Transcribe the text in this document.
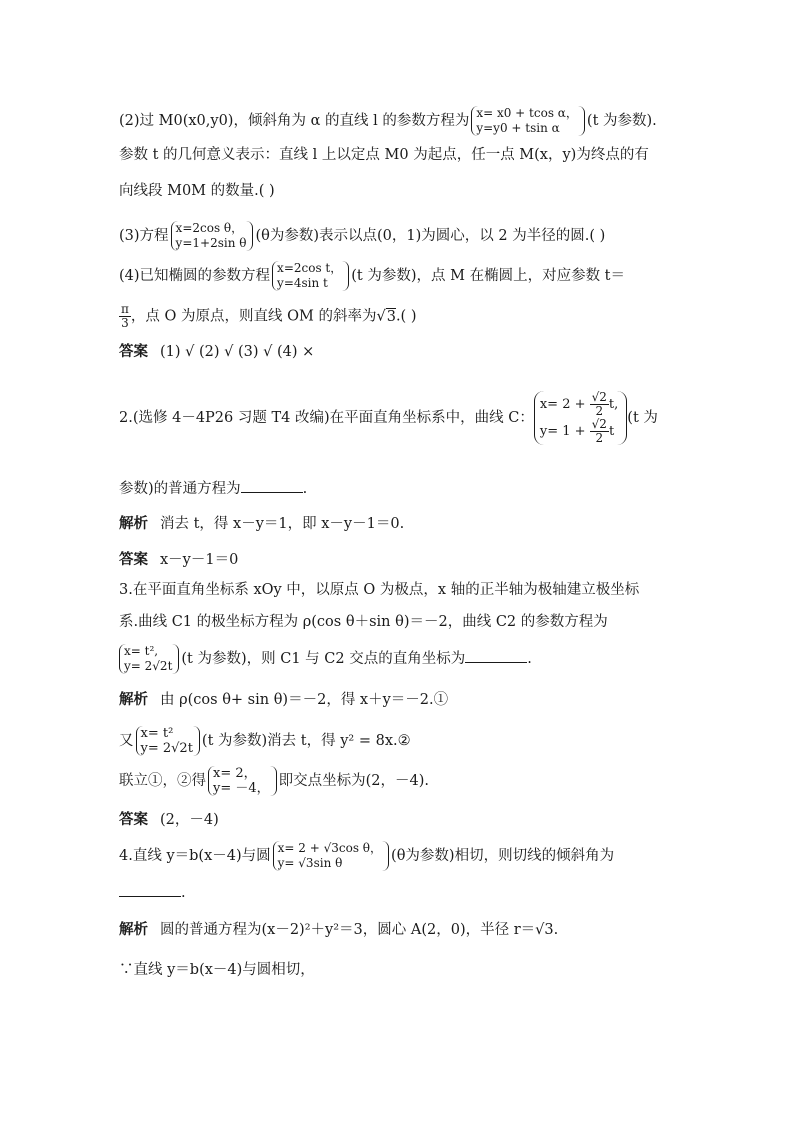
(2)过 M0(x0,y0)，倾斜角为 α 的直线 l 的参数方程为 x= x0 + tcos α，
y=y0 + tsin α	(t 为参数).
参数 t 的几何意义表示：直线 l 上以定点 M0 为起点，任一点 M(x，y)为终点的有
向线段 M0M 的数量.( )
(3)方程 x=2cos θ，
y=1+2sin θ (θ为参数)表示以点(0，1)为圆心，以 2 为半径的圆.( )
(4)已知椭圆的参数方程 x=2cos t，
y=4sin t	(t 为参数)，点 M 在椭圆上，对应参数 t＝
$\frac{\pi}{3}$ ，点 O 为原点，则直线 OM 的斜率为√3.( )
答案 (1) √ (2) √ (3) √ (4) ×
2.(选修 4－4P26 习题 T4 改编)在平面直角坐标系中，曲线 C：
$x= 2 + \frac{√2}{2} t$,
$y= 1 + \frac{√2}{2}$ t
(t 为
参数)的普通方程为	.
解析 消去 t，得 x－y＝1，即 x－y－1＝0.
答案 x－y－1＝0
3.在平面直角坐标系 xOy 中，以原点 O 为极点，x 轴的正半轴为极轴建立极坐标
系.曲线 C1 的极坐标方程为 ρ(cos θ＋sin θ)＝－2，曲线 C2 的参数方程为
x= t²,
y= 2√2t (t 为参数)，则 C1 与 C2 交点的直角坐标为	.
解析 由 ρ(cos θ+ sin θ)＝－2，得 x＋y＝－2.①
又 x= t²
y= 2√2t (t 为参数)消去 t，得 y² = 8x.②
联立①，②得 x= 2，
y= －4， 即交点坐标为(2，－4).
答案 (2，－4)
4.直线 y＝b(x－4)与圆 x= 2 + √3cos θ，
y= √3sin θ	(θ为参数)相切，则切线的倾斜角为
.
解析 圆的普通方程为(x－2)²＋y²＝3，圆心 A(2，0)，半径 r＝√3.
∵直线 y＝b(x－4)与圆相切，
